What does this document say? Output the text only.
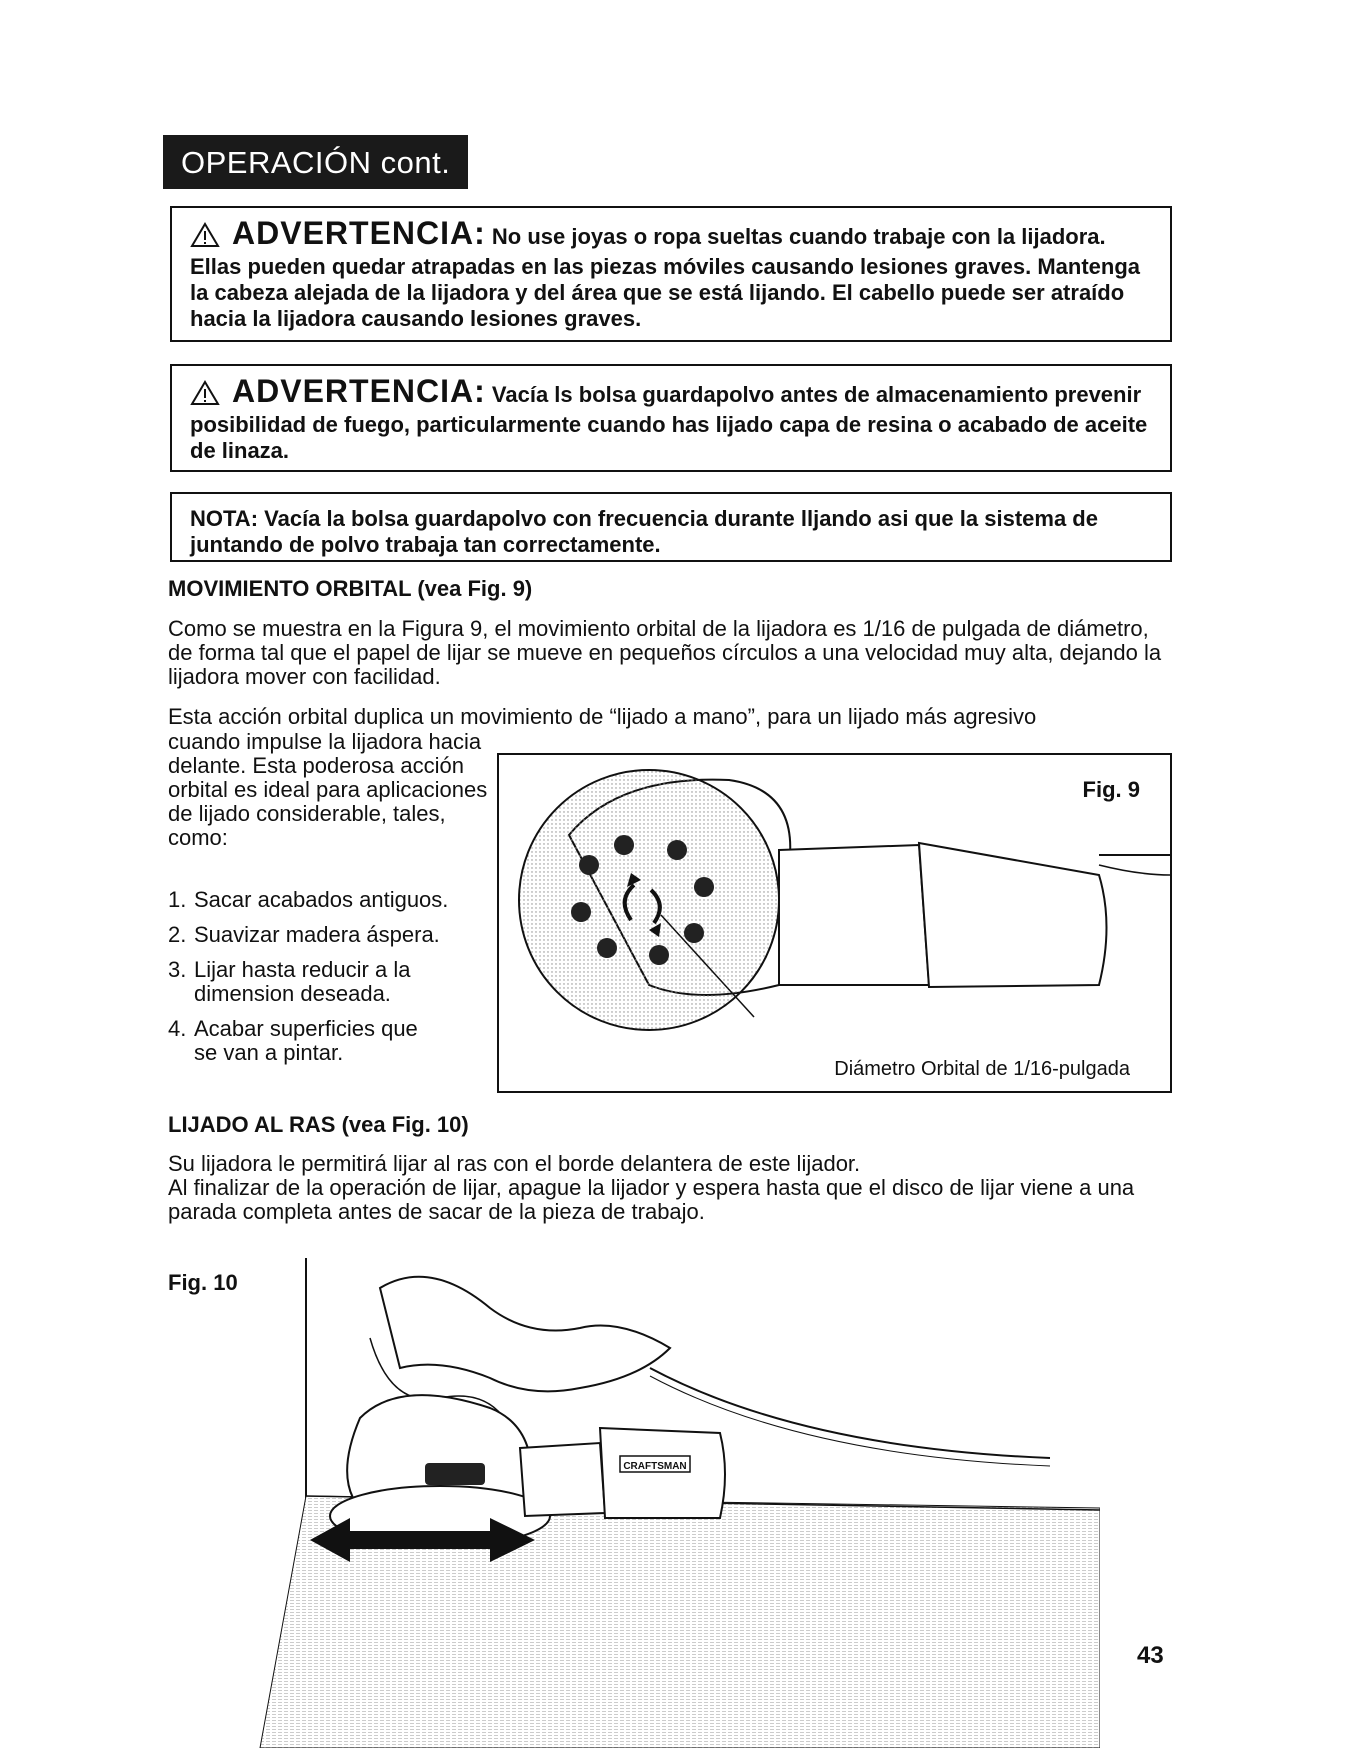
OPERACIÓN cont.
ADVERTENCIA: No use joyas o ropa sueltas cuando trabaje con la lijadora. Ellas pueden quedar atrapadas en las piezas móviles causando lesiones graves. Mantenga la cabeza alejada de la lijadora y del área que se está lijando. El cabello puede ser atraído hacia la lijadora causando lesiones graves.
ADVERTENCIA: Vacía ls bolsa guardapolvo antes de almacenamiento prevenir posibilidad de fuego, particularmente cuando has lijado capa de resina o acabado de aceite de linaza.
NOTA: Vacía la bolsa guardapolvo con frecuencia durante lljando asi que la sistema de juntando de polvo trabaja tan correctamente.
MOVIMIENTO ORBITAL (vea Fig. 9)
Como se muestra en la Figura 9, el movimiento orbital de la lijadora es 1/16 de pulgada de diámetro, de forma tal que el papel de lijar se mueve en pequeños círculos a una velocidad muy alta, dejando la lijadora mover con facilidad.
Esta acción orbital duplica un movimiento de “lijado a mano”, para un lijado más agresivo
cuando impulse la lijadora hacia delante. Esta poderosa acción orbital es ideal para aplicaciones de lijado considerable, tales, como:
1. Sacar acabados antiguos.
2. Suavizar madera áspera.
3. Lijar hasta reducir a la
dimension deseada.
4. Acabar superficies que
se van a pintar.
Fig. 9
Diámetro Orbital de 1/16-pulgada
LIJADO AL RAS (vea Fig. 10)
Su lijadora le permitirá lijar al ras con el borde delantera de este lijador.
Al finalizar de la operación de lijar, apague la lijador y espera hasta que el disco de lijar viene a una parada completa antes de sacar de la pieza de trabajo.
Fig. 10
CRAFTSMAN
43
